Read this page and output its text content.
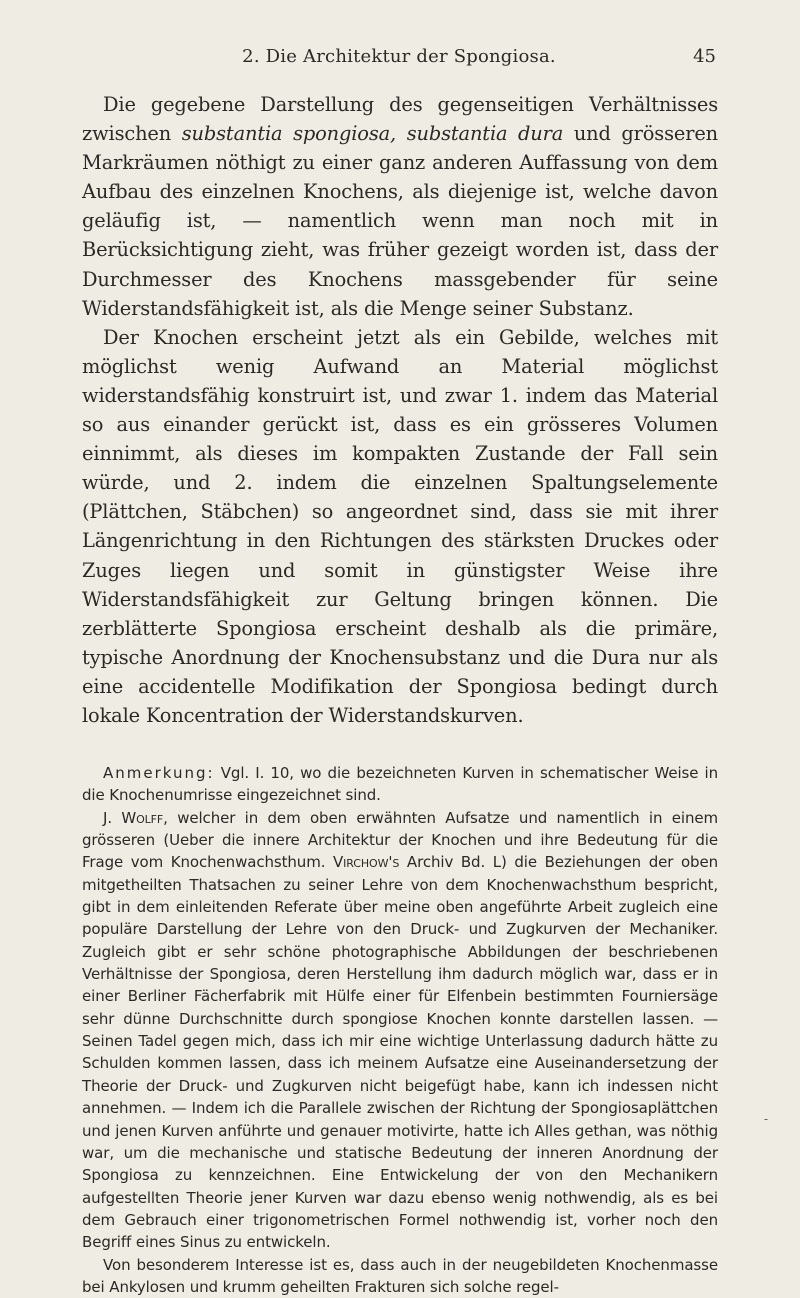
2. Die Architektur der Spongiosa.	45

Die gegebene Darstellung des gegenseitigen Verhältnisses zwischen substantia spongiosa, substantia dura und grösseren Markräumen nöthigt zu einer ganz anderen Auffassung von dem Aufbau des einzelnen Knochens, als diejenige ist, welche davon geläufig ist, — namentlich wenn man noch mit in Berücksichtigung zieht, was früher gezeigt worden ist, dass der Durchmesser des Knochens massgebender für seine Widerstandsfähigkeit ist, als die Menge seiner Substanz.

Der Knochen erscheint jetzt als ein Gebilde, welches mit möglichst wenig Aufwand an Material möglichst widerstandsfähig konstruirt ist, und zwar 1. indem das Material so aus einander gerückt ist, dass es ein grösseres Volumen einnimmt, als dieses im kompakten Zustande der Fall sein würde, und 2. indem die einzelnen Spaltungselemente (Plättchen, Stäbchen) so angeordnet sind, dass sie mit ihrer Längenrichtung in den Richtungen des stärksten Druckes oder Zuges liegen und somit in günstigster Weise ihre Widerstandsfähigkeit zur Geltung bringen können. Die zerblätterte Spongiosa erscheint deshalb als die primäre, typische Anordnung der Knochensubstanz und die Dura nur als eine accidentelle Modifikation der Spongiosa bedingt durch lokale Koncentration der Widerstandskurven.

Anmerkung: Vgl. I. 10, wo die bezeichneten Kurven in schematischer Weise in die Knochenumrisse eingezeichnet sind.

J. Wolff, welcher in dem oben erwähnten Aufsatze und namentlich in einem grösseren (Ueber die innere Architektur der Knochen und ihre Bedeutung für die Frage vom Knochenwachsthum. Virchow's Archiv Bd. L) die Beziehungen der oben mitgetheilten Thatsachen zu seiner Lehre von dem Knochenwachsthum bespricht, gibt in dem einleitenden Referate über meine oben angeführte Arbeit zugleich eine populäre Darstellung der Lehre von den Druck- und Zugkurven der Mechaniker. Zugleich gibt er sehr schöne photographische Abbildungen der beschriebenen Verhältnisse der Spongiosa, deren Herstellung ihm dadurch möglich war, dass er in einer Berliner Fächerfabrik mit Hülfe einer für Elfenbein bestimmten Fourniersäge sehr dünne Durchschnitte durch spongiose Knochen konnte darstellen lassen. — Seinen Tadel gegen mich, dass ich mir eine wichtige Unterlassung dadurch hätte zu Schulden kommen lassen, dass ich meinem Aufsatze eine Auseinandersetzung der Theorie der Druck- und Zugkurven nicht beigefügt habe, kann ich indessen nicht annehmen. — Indem ich die Parallele zwischen der Richtung der Spongiosaplättchen und jenen Kurven anführte und genauer motivirte, hatte ich Alles gethan, was nöthig war, um die mechanische und statische Bedeutung der inneren Anordnung der Spongiosa zu kennzeichnen. Eine Entwickelung der von den Mechanikern aufgestellten Theorie jener Kurven war dazu ebenso wenig nothwendig, als es bei dem Gebrauch einer trigonometrischen Formel nothwendig ist, vorher noch den Begriff eines Sinus zu entwickeln.

Von besonderem Interesse ist es, dass auch in der neugebildeten Knochenmasse bei Ankylosen und krumm geheilten Frakturen sich solche regel-

-
